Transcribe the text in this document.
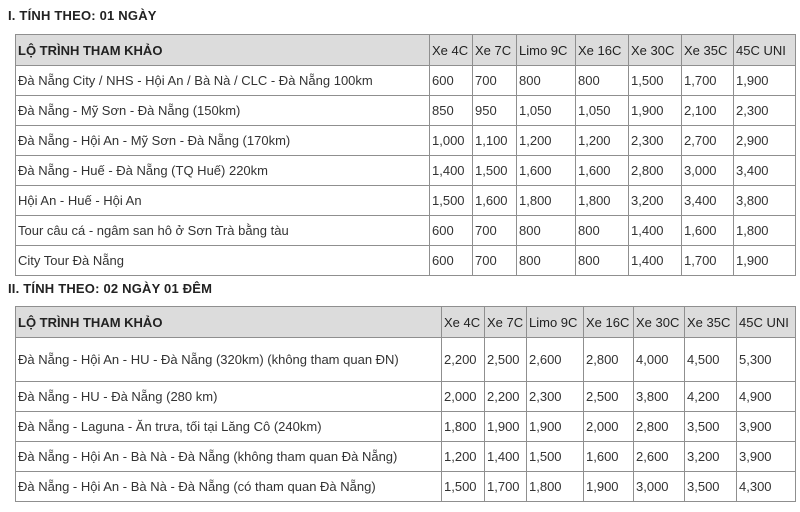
I. TÍNH THEO: 01 NGÀY
LỘ TRÌNH THAM KHẢO	Xe 4C	Xe 7C	Limo 9C	Xe 16C	Xe 30C	Xe 35C	45C UNI
Đà Nẵng City / NHS - Hội An / Bà Nà / CLC - Đà Nẵng 100km	600	700	800	800	1,500	1,700	1,900
Đà Nẵng - Mỹ Sơn - Đà Nẵng (150km)	850	950	1,050	1,050	1,900	2,100	2,300
Đà Nẵng - Hội An - Mỹ Sơn - Đà Nẵng (170km)	1,000	1,100	1,200	1,200	2,300	2,700	2,900
Đà Nẵng - Huế - Đà Nẵng (TQ Huế) 220km	1,400	1,500	1,600	1,600	2,800	3,000	3,400
Hội An - Huế - Hội An	1,500	1,600	1,800	1,800	3,200	3,400	3,800
Tour câu cá - ngâm san hô ở Sơn Trà bằng tàu	600	700	800	800	1,400	1,600	1,800
City Tour Đà Nẵng	600	700	800	800	1,400	1,700	1,900
II. TÍNH THEO: 02 NGÀY 01 ĐÊM
LỘ TRÌNH THAM KHẢO	Xe 4C	Xe 7C	Limo 9C	Xe 16C	Xe 30C	Xe 35C	45C UNI
Đà Nẵng - Hội An - HU - Đà Nẵng (320km) (không tham quan ĐN)	2,200	2,500	2,600	2,800	4,000	4,500	5,300
Đà Nẵng - HU - Đà Nẵng (280 km)	2,000	2,200	2,300	2,500	3,800	4,200	4,900
Đà Nẵng - Laguna - Ăn trưa, tối tại Lăng Cô (240km)	1,800	1,900	1,900	2,000	2,800	3,500	3,900
Đà Nẵng - Hội An - Bà Nà - Đà Nẵng (không tham quan Đà Nẵng)	1,200	1,400	1,500	1,600	2,600	3,200	3,900
Đà Nẵng - Hội An - Bà Nà - Đà Nẵng (có tham quan Đà Nẵng)	1,500	1,700	1,800	1,900	3,000	3,500	4,300
